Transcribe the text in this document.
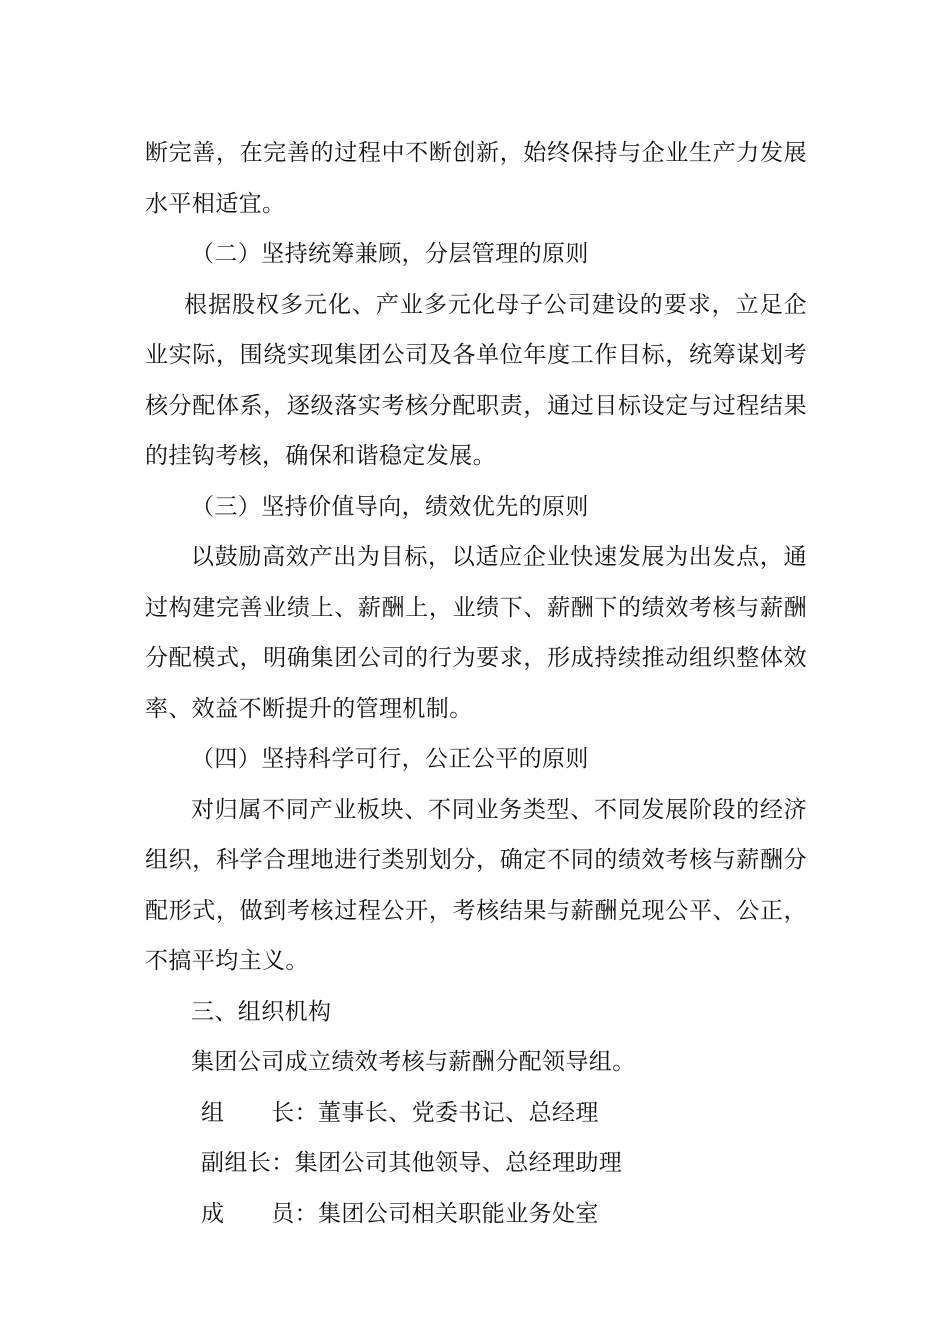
断完善，在完善的过程中不断创新，始终保持与企业生产力发展水平相适宜。

（二）坚持统筹兼顾，分层管理的原则

根据股权多元化、产业多元化母子公司建设的要求，立足企业实际，围绕实现集团公司及各单位年度工作目标，统筹谋划考核分配体系，逐级落实考核分配职责，通过目标设定与过程结果的挂钩考核，确保和谐稳定发展。

（三）坚持价值导向，绩效优先的原则

以鼓励高效产出为目标，以适应企业快速发展为出发点，通过构建完善业绩上、薪酬上，业绩下、薪酬下的绩效考核与薪酬分配模式，明确集团公司的行为要求，形成持续推动组织整体效率、效益不断提升的管理机制。

（四）坚持科学可行，公正公平的原则

对归属不同产业板块、不同业务类型、不同发展阶段的经济组织，科学合理地进行类别划分，确定不同的绩效考核与薪酬分配形式，做到考核过程公开，考核结果与薪酬兑现公平、公正，不搞平均主义。

三、组织机构

集团公司成立绩效考核与薪酬分配领导组。

组　　长：董事长、党委书记、总经理

副组长：集团公司其他领导、总经理助理

成　　员：集团公司相关职能业务处室
